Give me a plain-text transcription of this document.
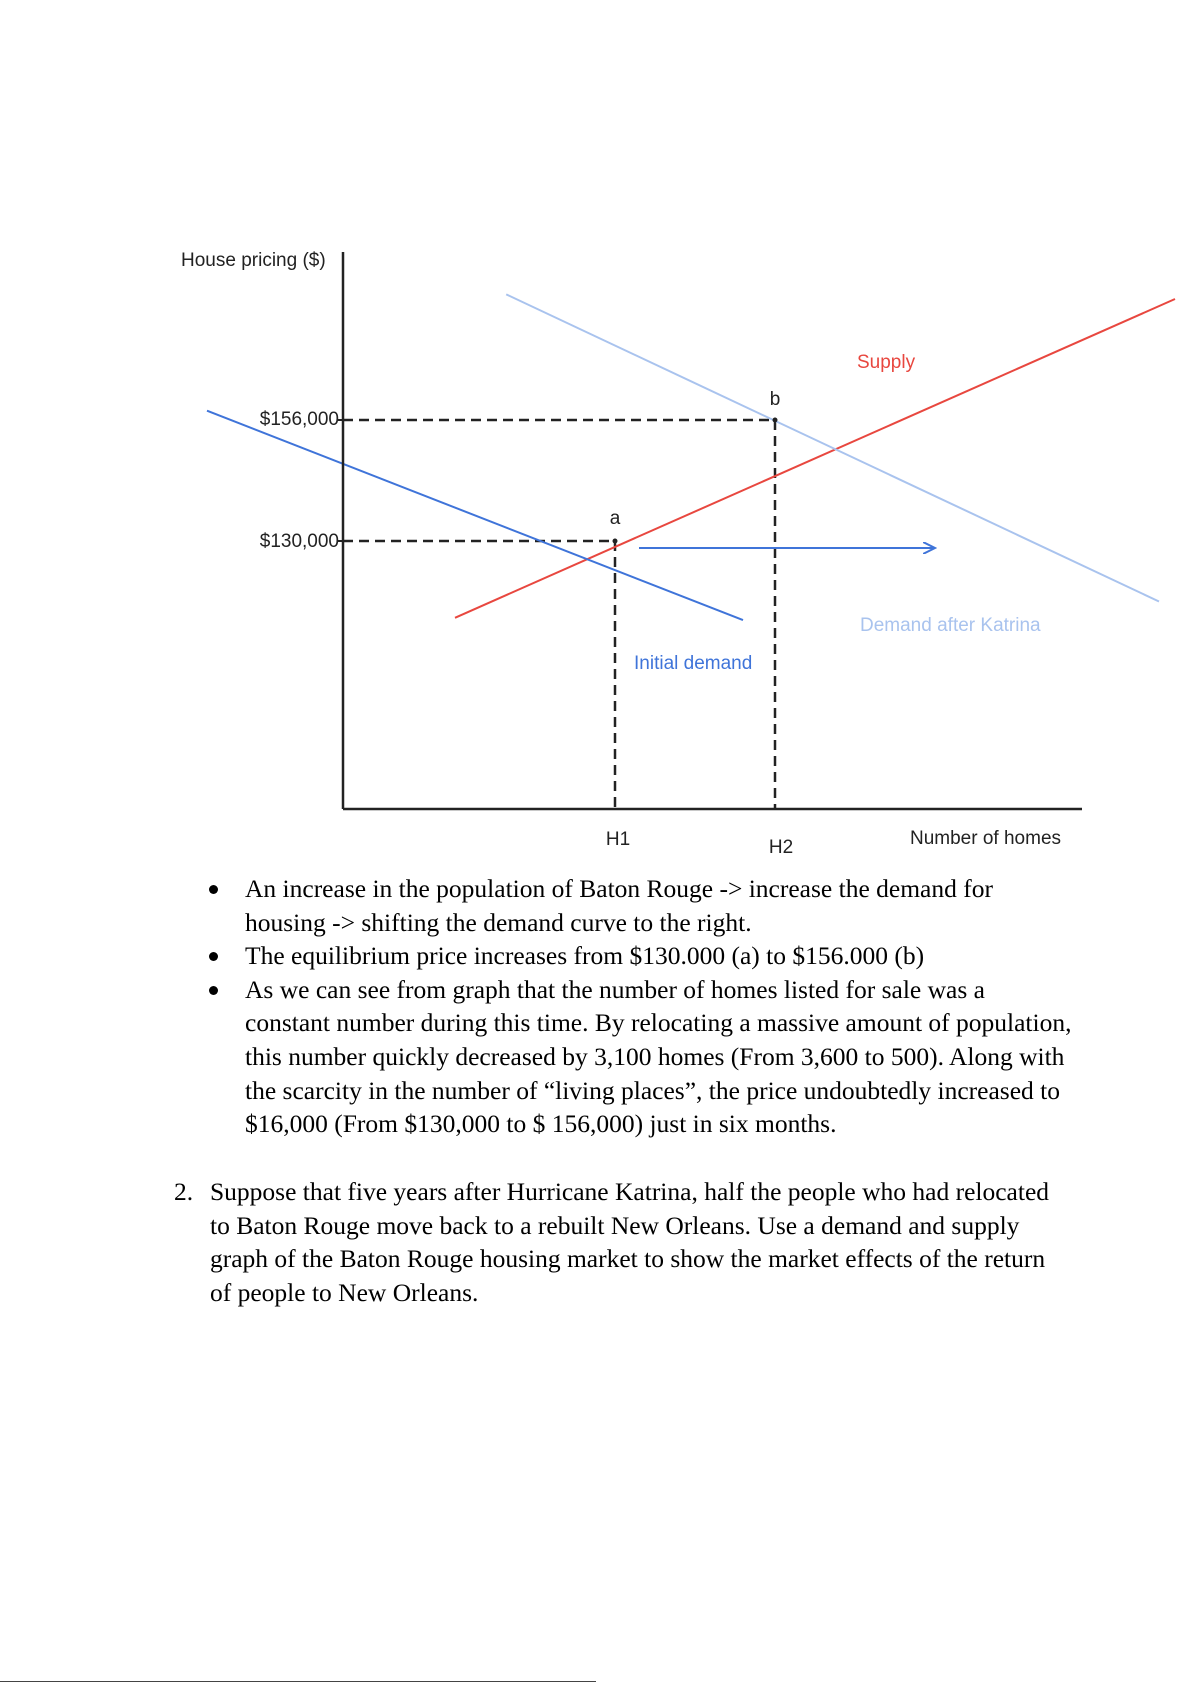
House pricing ($)
Number of homes
$156,000
$130,000
H1	H2
a
b
Supply
Initial demand
Demand after Katrina
An increase in the population of Baton Rouge -> increase the demand for housing -> shifting the demand curve to the right.
The equilibrium price increases from $130.000 (a) to $156.000 (b)
As we can see from graph that the number of homes listed for sale was a constant number during this time. By relocating a massive amount of population, this number quickly decreased by 3,100 homes (From 3,600 to 500). Along with the scarcity in the number of “living places”, the price undoubtedly increased to $16,000 (From $130,000 to $ 156,000) just in six months.
2. Suppose that five years after Hurricane Katrina, half the people who had relocated to Baton Rouge move back to a rebuilt New Orleans. Use a demand and supply graph of the Baton Rouge housing market to show the market effects of the return of people to New Orleans.
